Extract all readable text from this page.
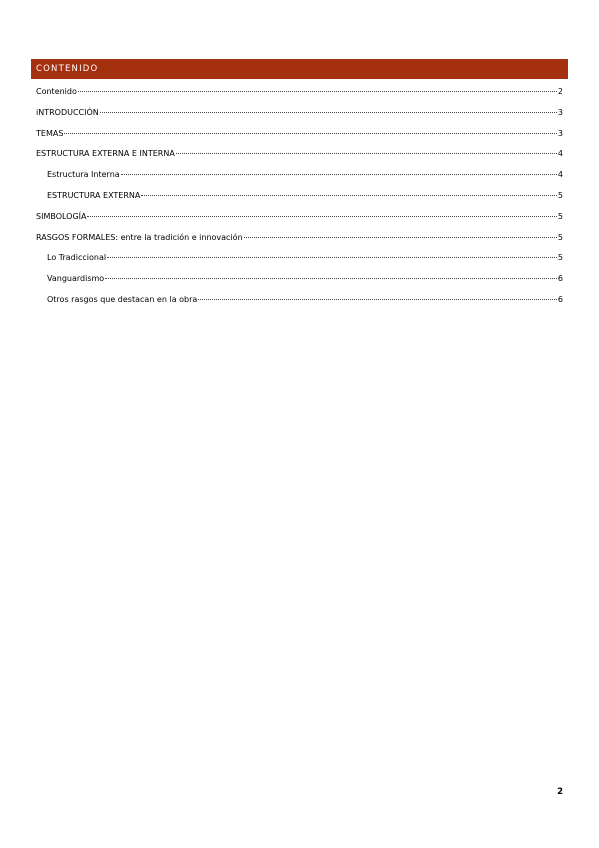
CONTENIDO
Contenido	2
iNTRODUCCIÓN	3
TEMAS	3
ESTRUCTURA EXTERNA E INTERNA	4
Estructura Interna	4
ESTRUCTURA EXTERNA	5
SIMBOLOGÍA	5
RASGOS FORMALES: entre la tradición e innovación	5
Lo Tradiccional	5
Vanguardismo	6
Otros rasgos que destacan en la obra	6
2
